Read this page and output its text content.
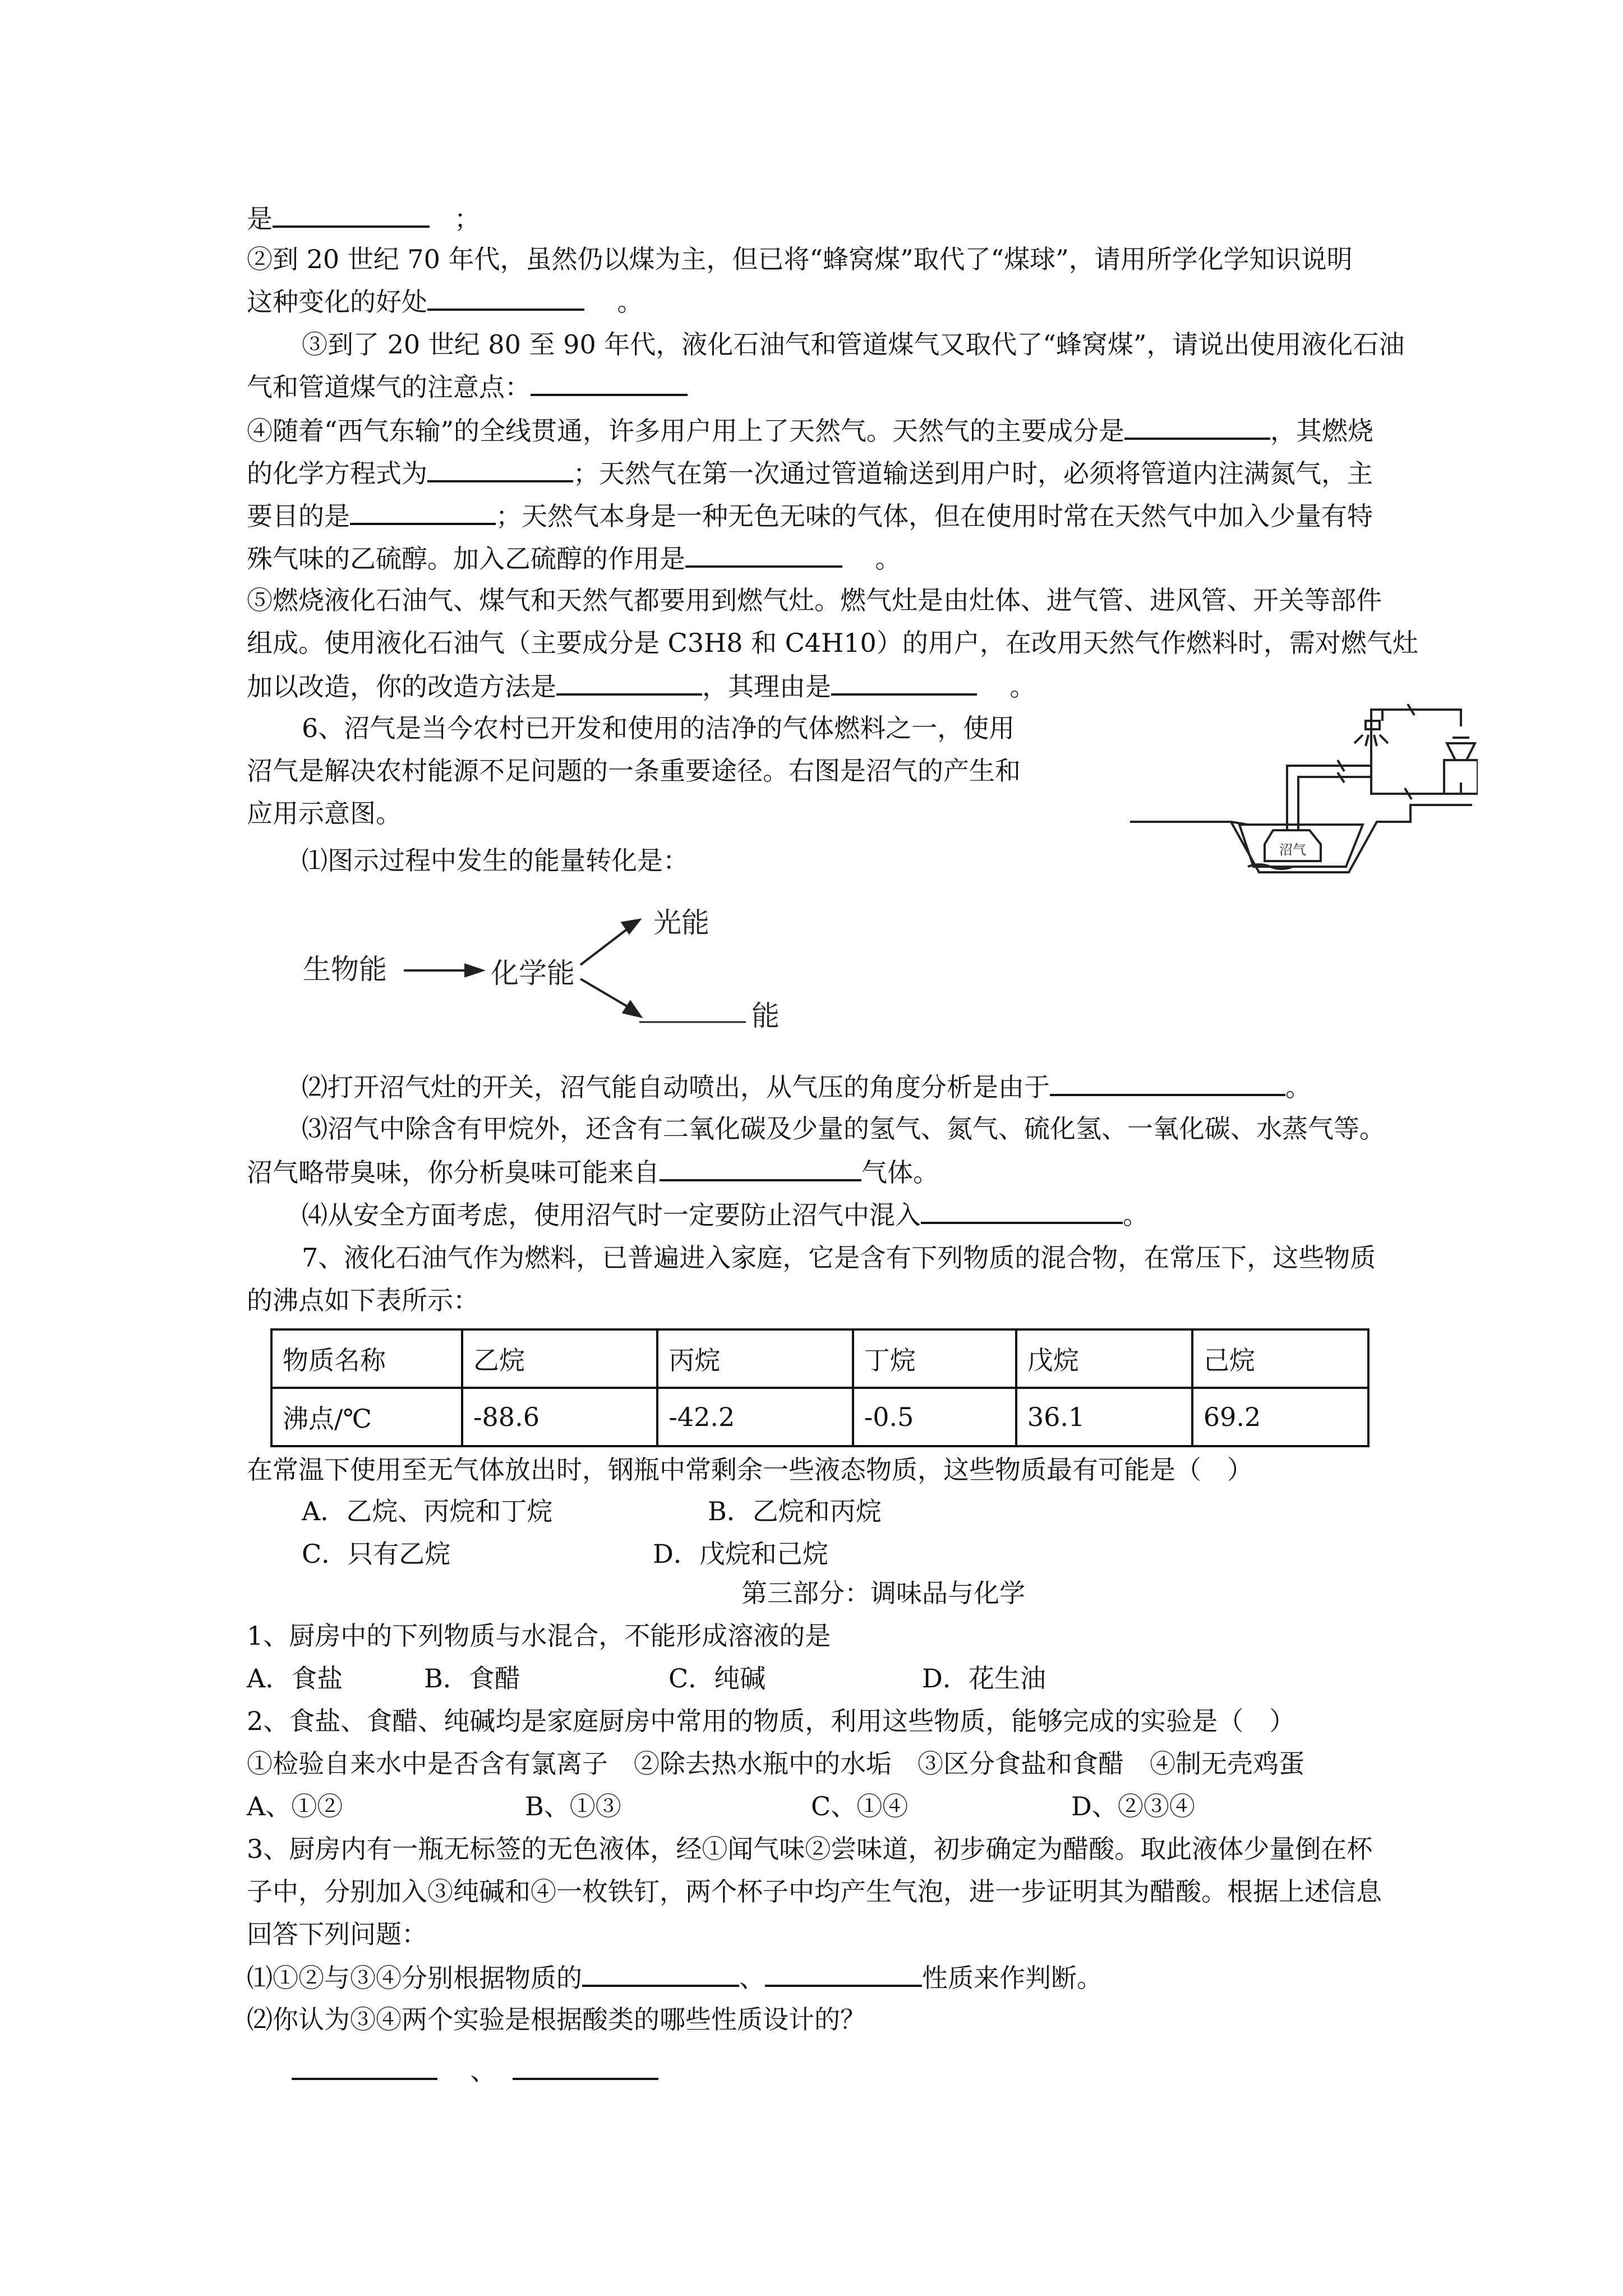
是	；
②到 20 世纪 70 年代，虽然仍以煤为主，但已将“蜂窝煤”取代了“煤球”，请用所学化学知识说明
这种变化的好处	。
③到了 20 世纪 80 至 90 年代，液化石油气和管道煤气又取代了“蜂窝煤”，请说出使用液化石油
气和管道煤气的注意点：
④随着“西气东输”的全线贯通，许多用户用上了天然气。天然气的主要成分是	，其燃烧
的化学方程式为	；天然气在第一次通过管道输送到用户时，必须将管道内注满氮气，主
要目的是	；天然气本身是一种无色无味的气体，但在使用时常在天然气中加入少量有特
殊气味的乙硫醇。加入乙硫醇的作用是	。
⑤燃烧液化石油气、煤气和天然气都要用到燃气灶。燃气灶是由灶体、进气管、进风管、开关等部件
组成。使用液化石油气（主要成分是 C3H8 和 C4H10）的用户，在改用天然气作燃料时，需对燃气灶
加以改造，你的改造方法是	，其理由是	。
6、沼气是当今农村已开发和使用的洁净的气体燃料之一，使用
沼气是解决农村能源不足问题的一条重要途径。右图是沼气的产生和
应用示意图。
沼气
⑴图示过程中发生的能量转化是：
生物能	化学能
光能
能
⑵打开沼气灶的开关，沼气能自动喷出，从气压的角度分析是由于	。
⑶沼气中除含有甲烷外，还含有二氧化碳及少量的氢气、氮气、硫化氢、一氧化碳、水蒸气等。
沼气略带臭味，你分析臭味可能来自	气体。
⑷从安全方面考虑，使用沼气时一定要防止沼气中混入	。
7、液化石油气作为燃料，已普遍进入家庭，它是含有下列物质的混合物，在常压下，这些物质
的沸点如下表所示：
物质名称	乙烷	丙烷	丁烷	戊烷	己烷
沸点/℃	-88.6	-42.2	-0.5	36.1	69.2
在常温下使用至无气体放出时，钢瓶中常剩余一些液态物质，这些物质最有可能是（　）
A．乙烷、丙烷和丁烷	B．乙烷和丙烷
C．只有乙烷	D．戊烷和己烷
第三部分：调味品与化学
1、厨房中的下列物质与水混合，不能形成溶液的是
A．食盐	B．食醋	C．纯碱	D．花生油
2、食盐、食醋、纯碱均是家庭厨房中常用的物质，利用这些物质，能够完成的实验是（　）
①检验自来水中是否含有氯离子　②除去热水瓶中的水垢　③区分食盐和食醋　④制无壳鸡蛋
A、①②	B、①③	C、①④	D、②③④
3、厨房内有一瓶无标签的无色液体，经①闻气味②尝味道，初步确定为醋酸。取此液体少量倒在杯
子中，分别加入③纯碱和④一枚铁钉，两个杯子中均产生气泡，进一步证明其为醋酸。根据上述信息
回答下列问题：
⑴①②与③④分别根据物质的	、	性质来作判断。
⑵你认为③④两个实验是根据酸类的哪些性质设计的？
、
